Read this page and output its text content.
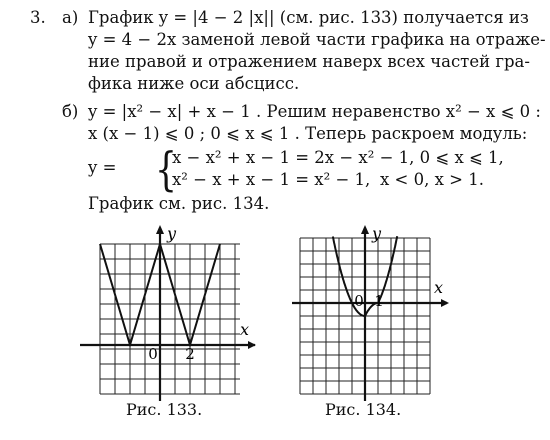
3. а) График y = |4 − 2 |x|| (см. рис. 133) получается из
y = 4 − 2x заменой левой части графика на отраже-
ние правой и отражением наверх всех частей гра-
фика ниже оси абсцисс.
б) y = |x² − x| + x − 1 . Решим неравенство x² − x ⩽ 0 :
x (x − 1) ⩽ 0 ; 0 ⩽ x ⩽ 1 . Теперь раскроем модуль:
y = {
x − x² + x − 1 = 2x − x² − 1, 0 ⩽ x ⩽ 1,
x² − x + x − 1 = x² − 1, x < 0, x > 1.
График см. рис. 134.
x
y
0 2
Рис. 133.
x
y
0 1
Рис. 134.
